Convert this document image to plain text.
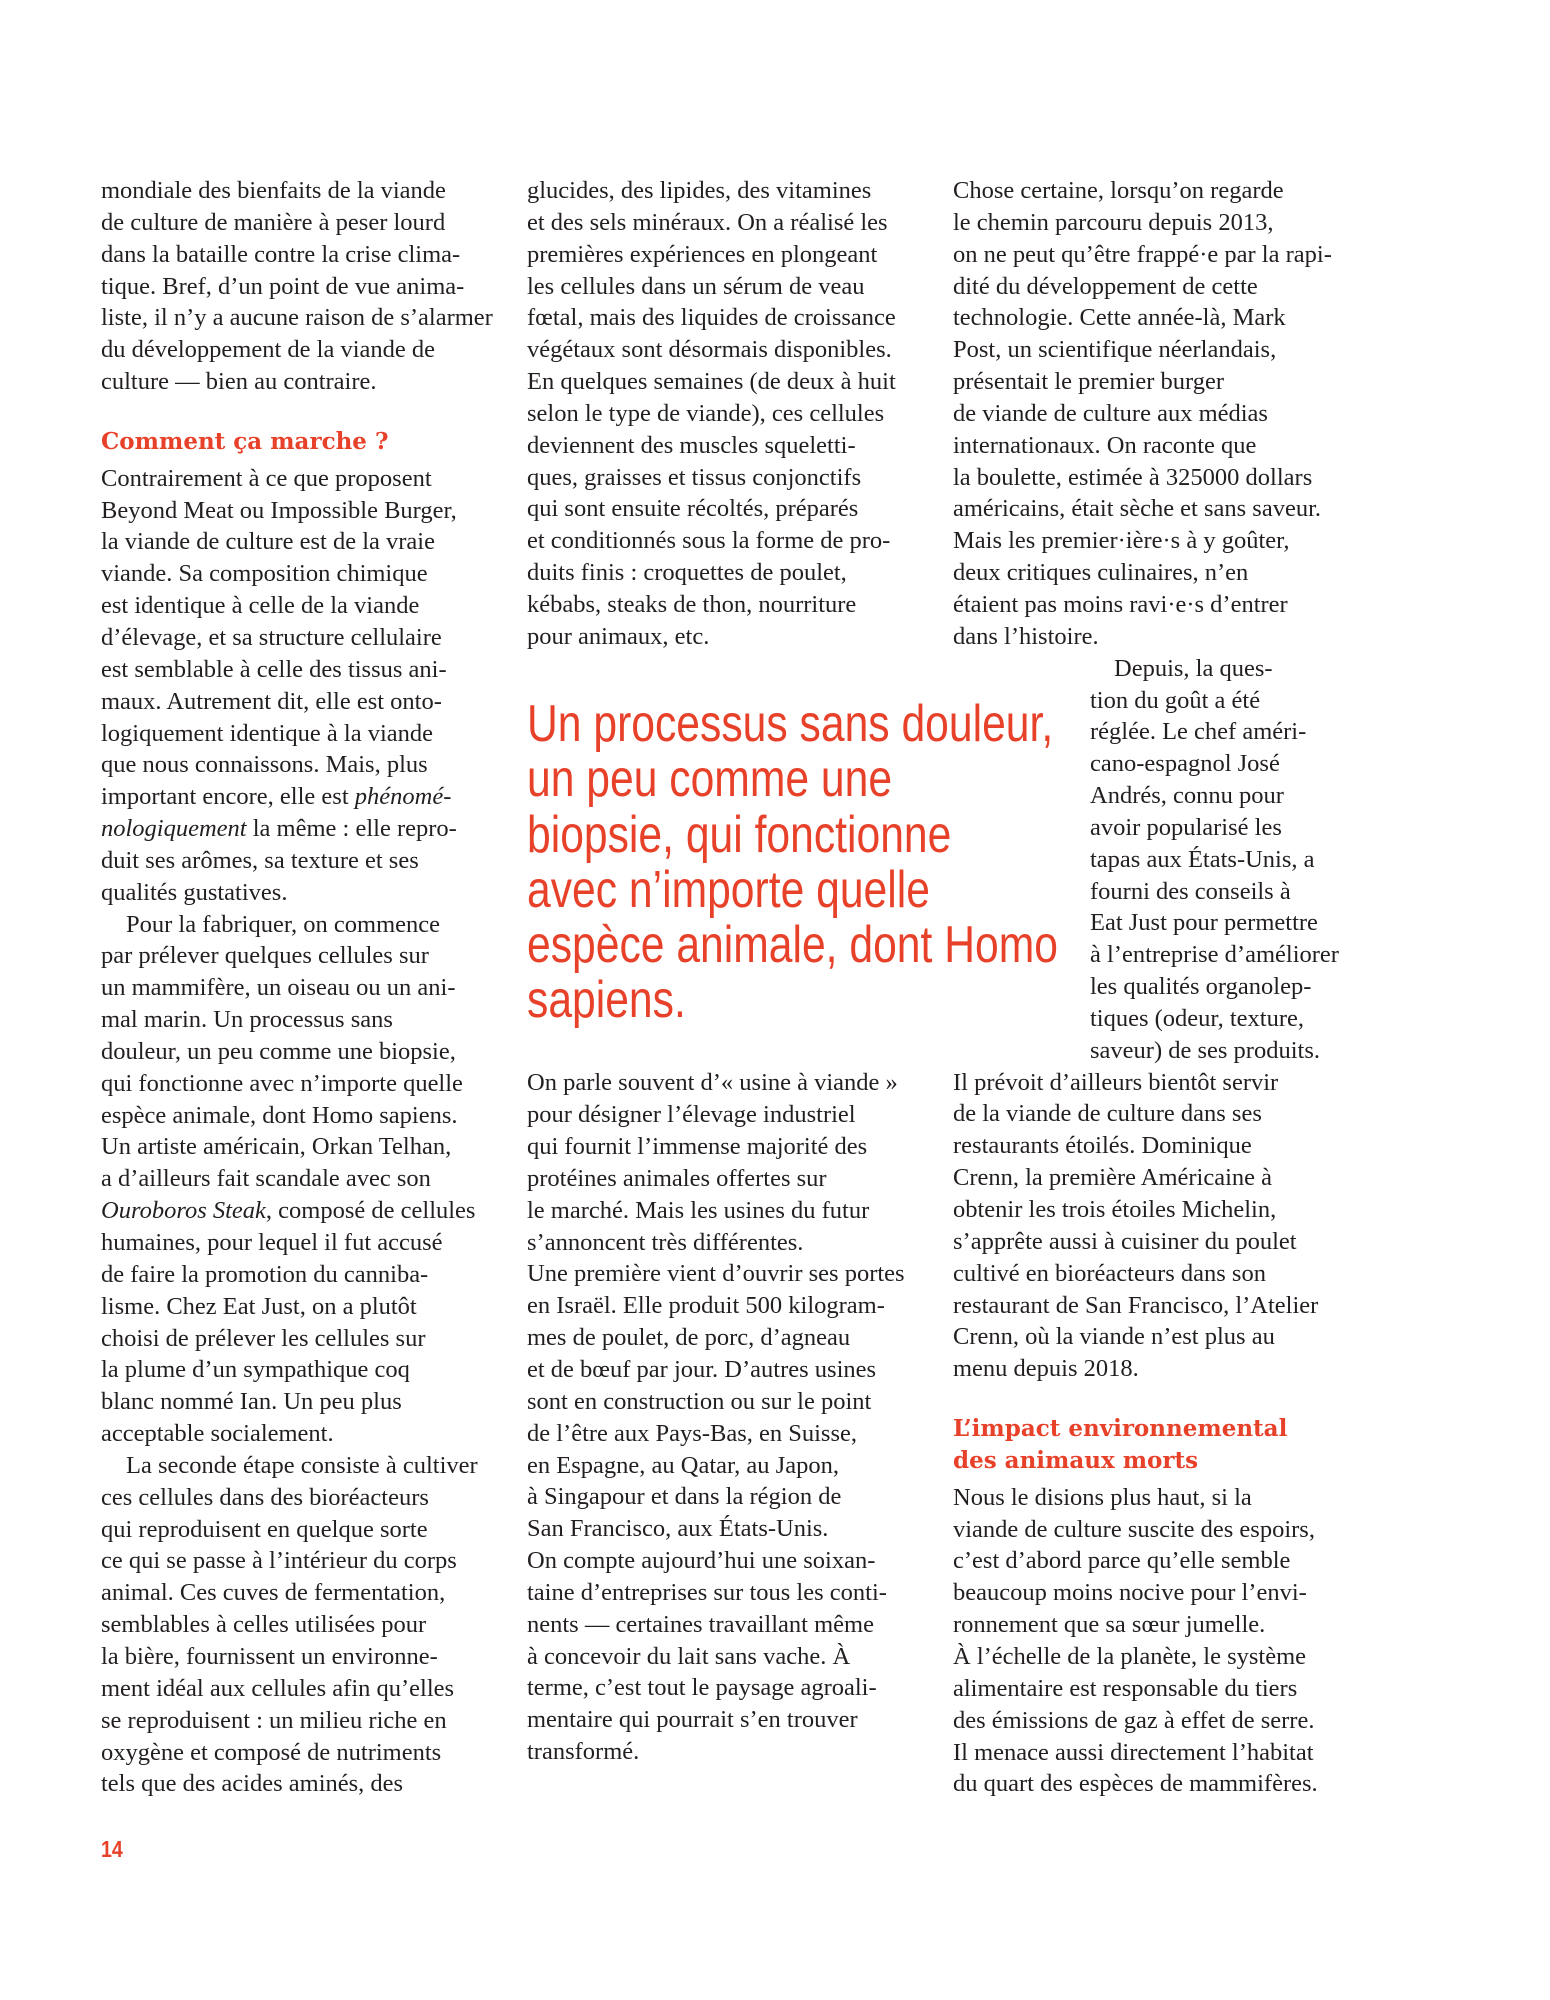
mondiale des bienfaits de la viande
de culture de manière à peser lourd
dans la bataille contre la crise clima-
tique. Bref, d’un point de vue anima-
liste, il n’y a aucune raison de s’alarmer
du développement de la viande de
culture — bien au contraire.
Comment ça marche ?
Contrairement à ce que proposent
Beyond Meat ou Impossible Burger,
la viande de culture est de la vraie
viande. Sa composition chimique
est identique à celle de la viande
d’élevage, et sa structure cellulaire
est semblable à celle des tissus ani-
maux. Autrement dit, elle est onto-
logiquement identique à la viande
que nous connaissons. Mais, plus
important encore, elle est phénomé-
nologiquement la même : elle repro-
duit ses arômes, sa texture et ses
qualités gustatives.
Pour la fabriquer, on commence
par prélever quelques cellules sur
un mammifère, un oiseau ou un ani-
mal marin. Un processus sans
douleur, un peu comme une biopsie,
qui fonctionne avec n’importe quelle
espèce animale, dont Homo sapiens.
Un artiste américain, Orkan Telhan,
a d’ailleurs fait scandale avec son
Ouroboros Steak, composé de cellules
humaines, pour lequel il fut accusé
de faire la promotion du canniba-
lisme. Chez Eat Just, on a plutôt
choisi de prélever les cellules sur
la plume d’un sympathique coq
blanc nommé Ian. Un peu plus
acceptable socialement.
La seconde étape consiste à cultiver
ces cellules dans des bioréacteurs
qui reproduisent en quelque sorte
ce qui se passe à l’intérieur du corps
animal. Ces cuves de fermentation,
semblables à celles utilisées pour
la bière, fournissent un environne-
ment idéal aux cellules afin qu’elles
se reproduisent : un milieu riche en
oxygène et composé de nutriments
tels que des acides aminés, des
glucides, des lipides, des vitamines
et des sels minéraux. On a réalisé les
premières expériences en plongeant
les cellules dans un sérum de veau
fœtal, mais des liquides de croissance
végétaux sont désormais disponibles.
En quelques semaines (de deux à huit
selon le type de viande), ces cellules
deviennent des muscles squeletti-
ques, graisses et tissus conjonctifs
qui sont ensuite récoltés, préparés
et conditionnés sous la forme de pro-
duits finis : croquettes de poulet,
kébabs, steaks de thon, nourriture
pour animaux, etc.
Un processus sans douleur,
un peu comme une
biopsie, qui fonctionne
avec n’importe quelle
espèce animale, dont Homo
sapiens.
On parle souvent d’« usine à viande »
pour désigner l’élevage industriel
qui fournit l’immense majorité des
protéines animales offertes sur
le marché. Mais les usines du futur
s’annoncent très différentes.
Une première vient d’ouvrir ses portes
en Israël. Elle produit 500 kilogram-
mes de poulet, de porc, d’agneau
et de bœuf par jour. D’autres usines
sont en construction ou sur le point
de l’être aux Pays-Bas, en Suisse,
en Espagne, au Qatar, au Japon,
à Singapour et dans la région de
San Francisco, aux États-Unis.
On compte aujourd’hui une soixan-
taine d’entreprises sur tous les conti-
nents — certaines travaillant même
à concevoir du lait sans vache. À
terme, c’est tout le paysage agroali-
mentaire qui pourrait s’en trouver
transformé.
Chose certaine, lorsqu’on regarde
le chemin parcouru depuis 2013,
on ne peut qu’être frappé·e par la rapi-
dité du développement de cette
technologie. Cette année-là, Mark
Post, un scientifique néerlandais,
présentait le premier burger
de viande de culture aux médias
internationaux. On raconte que
la boulette, estimée à 325000 dollars
américains, était sèche et sans saveur.
Mais les premier·ière·s à y goûter,
deux critiques culinaires, n’en
étaient pas moins ravi·e·s d’entrer
dans l’histoire.
Depuis, la ques-
tion du goût a été
réglée. Le chef améri-
cano-espagnol José
Andrés, connu pour
avoir popularisé les
tapas aux États-Unis, a
fourni des conseils à
Eat Just pour permettre
à l’entreprise d’améliorer
les qualités organolep-
tiques (odeur, texture,
saveur) de ses produits.
Il prévoit d’ailleurs bientôt servir
de la viande de culture dans ses
restaurants étoilés. Dominique
Crenn, la première Américaine à
obtenir les trois étoiles Michelin,
s’apprête aussi à cuisiner du poulet
cultivé en bioréacteurs dans son
restaurant de San Francisco, l’Atelier
Crenn, où la viande n’est plus au
menu depuis 2018.
L’impact environnemental
des animaux morts
Nous le disions plus haut, si la
viande de culture suscite des espoirs,
c’est d’abord parce qu’elle semble
beaucoup moins nocive pour l’envi-
ronnement que sa sœur jumelle.
À l’échelle de la planète, le système
alimentaire est responsable du tiers
des émissions de gaz à effet de serre.
Il menace aussi directement l’habitat
du quart des espèces de mammifères.
14
